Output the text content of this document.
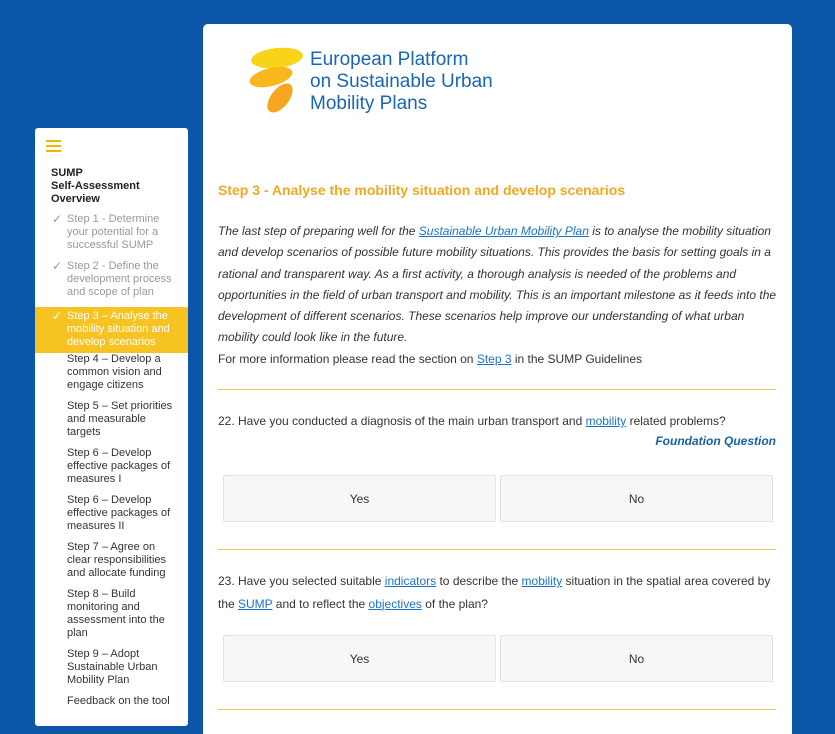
SUMP
Self-Assessment
Overview
✓ Step 1 - Determine
your potential for a
successful SUMP
✓ Step 2 - Define the
development process
and scope of plan
✓ Step 3 – Analyse the
mobility situation and
develop scenarios
Step 4 – Develop a
common vision and
engage citizens
Step 5 – Set priorities
and measurable
targets
Step 6 – Develop
effective packages of
measures I
Step 6 – Develop
effective packages of
measures II
Step 7 – Agree on
clear responsibilities
and allocate funding
Step 8 – Build
monitoring and
assessment into the
plan
Step 9 – Adopt
Sustainable Urban
Mobility Plan
Feedback on the tool
European Platform
on Sustainable Urban
Mobility Plans
Step 3 - Analyse the mobility situation and develop scenarios
The last step of preparing well for the Sustainable Urban Mobility Plan is to analyse the mobility situation and develop scenarios of possible future mobility situations. This provides the basis for setting goals in a rational and transparent way. As a first activity, a thorough analysis is needed of the problems and opportunities in the field of urban transport and mobility. This is an important milestone as it feeds into the development of different scenarios. These scenarios help improve our understanding of what urban mobility could look like in the future.
For more information please read the section on Step 3 in the SUMP Guidelines
22. Have you conducted a diagnosis of the main urban transport and mobility related problems?
Foundation Question
Yes	No
23. Have you selected suitable indicators to describe the mobility situation in the spatial area covered by the SUMP and to reflect the objectives of the plan?
Yes	No
